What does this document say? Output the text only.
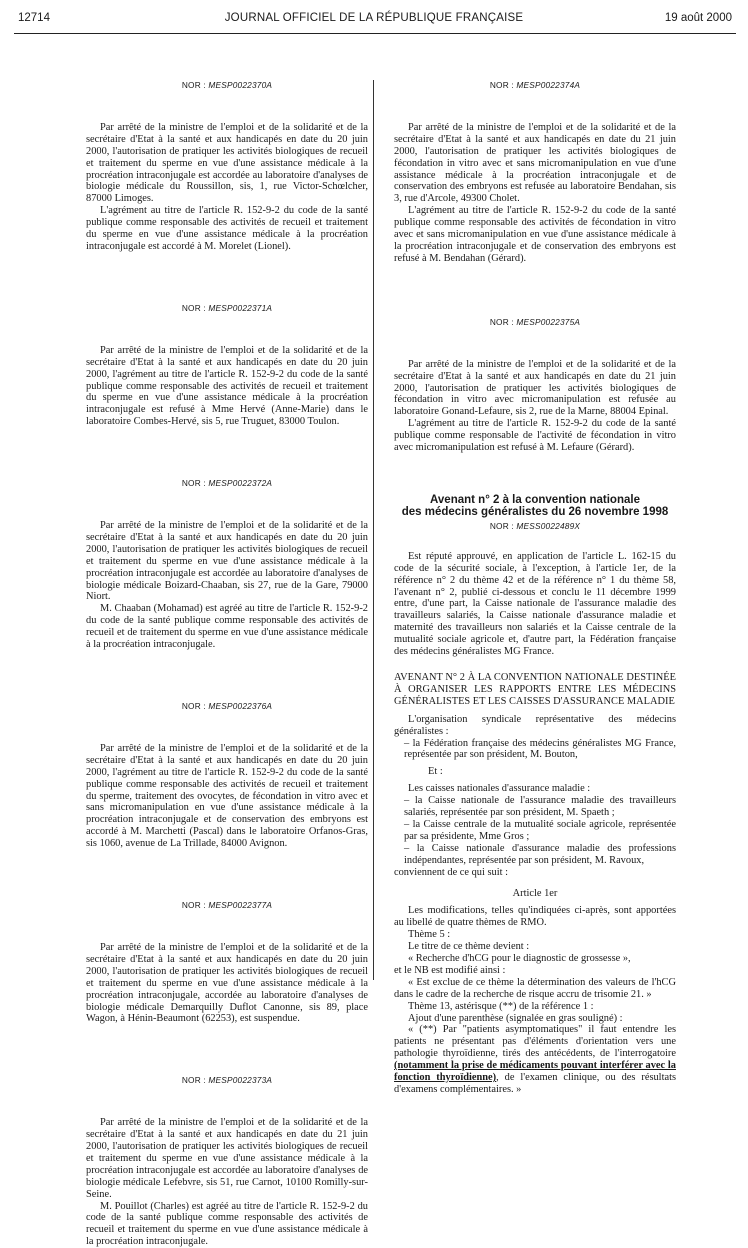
12714	JOURNAL OFFICIEL DE LA RÉPUBLIQUE FRANÇAISE	19 août 2000
NOR : MESP0022370A

Par arrêté de la ministre de l'emploi et de la solidarité et de la secrétaire d'Etat à la santé et aux handicapés en date du 20 juin 2000, l'autorisation de pratiquer les activités biologiques de recueil et traitement du sperme en vue d'une assistance médicale à la procréation intraconjugale est accordée au laboratoire d'analyses de biologie médicale du Roussillon, sis, 1, rue Victor-Schœlcher, 87000 Limoges.

L'agrément au titre de l'article R. 152-9-2 du code de la santé publique comme responsable des activités de recueil et traitement du sperme en vue d'une assistance médicale à la procréation intraconjugale est accordé à M. Morelet (Lionel).

NOR : MESP0022371A

Par arrêté de la ministre de l'emploi et de la solidarité et de la secrétaire d'Etat à la santé et aux handicapés en date du 20 juin 2000, l'agrément au titre de l'article R. 152-9-2 du code de la santé publique comme responsable des activités de recueil et traitement du sperme en vue d'une assistance médicale à la procréation intraconjugale est refusé à Mme Hervé (Anne-Marie) dans le laboratoire Combes-Hervé, sis 5, rue Truguet, 83000 Toulon.

NOR : MESP0022372A

Par arrêté de la ministre de l'emploi et de la solidarité et de la secrétaire d'Etat à la santé et aux handicapés en date du 20 juin 2000, l'autorisation de pratiquer les activités biologiques de recueil et traitement du sperme en vue d'une assistance médicale à la procréation intraconjugale est accordée au laboratoire d'analyses de biologie médicale Boizard-Chaaban, sis 27, rue de la Gare, 79000 Niort.

M. Chaaban (Mohamad) est agréé au titre de l'article R. 152-9-2 du code de la santé publique comme responsable des activités de recueil et de traitement du sperme en vue d'une assistance médicale à la procréation intraconjugale.

NOR : MESP0022376A

Par arrêté de la ministre de l'emploi et de la solidarité et de la secrétaire d'Etat à la santé et aux handicapés en date du 20 juin 2000, l'agrément au titre de l'article R. 152-9-2 du code de la santé publique comme responsable des activités de recueil et traitement du sperme, traitement des ovocytes, de fécondation in vitro avec et sans micromanipulation en vue d'une assistance médicale à la procréation intraconjugale et de conservation des embryons est accordé à M. Marchetti (Pascal) dans le laboratoire Orfanos-Gras, sis 1060, avenue de La Trillade, 84000 Avignon.

NOR : MESP0022377A

Par arrêté de la ministre de l'emploi et de la solidarité et de la secrétaire d'Etat à la santé et aux handicapés en date du 20 juin 2000, l'autorisation de pratiquer les activités biologiques de recueil et traitement du sperme en vue d'une assistance médicale à la procréation intraconjugale, accordée au laboratoire d'analyses de biologie médicale Demarquilly Duflot Canonne, sis 89, place Wagon, à Hénin-Beaumont (62253), est suspendue.

NOR : MESP0022373A

Par arrêté de la ministre de l'emploi et de la solidarité et de la secrétaire d'Etat à la santé et aux handicapés en date du 21 juin 2000, l'autorisation de pratiquer les activités biologiques de recueil et traitement du sperme en vue d'une assistance médicale à la procréation intraconjugale est accordée au laboratoire d'analyses de biologie médicale Lefebvre, sis 51, rue Carnot, 10100 Romilly-sur-Seine.

M. Pouillot (Charles) est agréé au titre de l'article R. 152-9-2 du code de la santé publique comme responsable des activités de recueil et traitement du sperme en vue d'une assistance médicale à la procréation intraconjugale.

NOR : MESP0022374A

Par arrêté de la ministre de l'emploi et de la solidarité et de la secrétaire d'Etat à la santé et aux handicapés en date du 21 juin 2000, l'autorisation de pratiquer les activités biologiques de fécondation in vitro avec et sans micromanipulation en vue d'une assistance médicale à la procréation intraconjugale et de conservation des embryons est refusée au laboratoire Bendahan, sis 3, rue d'Arcole, 49300 Cholet.

L'agrément au titre de l'article R. 152-9-2 du code de la santé publique comme responsable des activités de fécondation in vitro avec et sans micromanipulation en vue d'une assistance médicale à la procréation intraconjugale et de conservation des embryons est refusé à M. Bendahan (Gérard).

NOR : MESP0022375A

Par arrêté de la ministre de l'emploi et de la solidarité et de la secrétaire d'Etat à la santé et aux handicapés en date du 21 juin 2000, l'autorisation de pratiquer les activités biologiques de fécondation in vitro avec micromanipulation est refusée au laboratoire Gonand-Lefaure, sis 2, rue de la Marne, 88004 Epinal.

L'agrément au titre de l'article R. 152-9-2 du code de la santé publique comme responsable de l'activité de fécondation in vitro avec micromanipulation est refusé à M. Lefaure (Gérard).

Avenant n° 2 à la convention nationale
des médecins généralistes du 26 novembre 1998
NOR : MESS0022489X

Est réputé approuvé, en application de l'article L. 162-15 du code de la sécurité sociale, à l'exception, à l'article 1er, de la référence n° 2 du thème 42 et de la référence n° 1 du thème 58, l'avenant n° 2, publié ci-dessous et conclu le 11 décembre 1999 entre, d'une part, la Caisse nationale de l'assurance maladie des travailleurs salariés, la Caisse nationale d'assurance maladie et maternité des travailleurs non salariés et la Caisse centrale de la mutualité sociale agricole et, d'autre part, la Fédération française des médecins généralistes MG France.

AVENANT N° 2 À LA CONVENTION NATIONALE DESTINÉE À ORGANISER LES RAPPORTS ENTRE LES MÉDECINS GÉNÉRALISTES ET LES CAISSES D'ASSURANCE MALADIE

L'organisation syndicale représentative des médecins généralistes :

– la Fédération française des médecins généralistes MG France, représentée par son président, M. Bouton,

Et :

Les caisses nationales d'assurance maladie :

– la Caisse nationale de l'assurance maladie des travailleurs salariés, représentée par son président, M. Spaeth ;

– la Caisse centrale de la mutualité sociale agricole, représentée par sa présidente, Mme Gros ;

– la Caisse nationale d'assurance maladie des professions indépendantes, représentée par son président, M. Ravoux,

conviennent de ce qui suit :

Article 1er

Les modifications, telles qu'indiquées ci-après, sont apportées au libellé de quatre thèmes de RMO.

Thème 5 :

Le titre de ce thème devient :

« Recherche d'hCG pour le diagnostic de grossesse »,

et le NB est modifié ainsi :

« Est exclue de ce thème la détermination des valeurs de l'hCG dans le cadre de la recherche de risque accru de trisomie 21. »

Thème 13, astérisque (**) de la référence 1 :

Ajout d'une parenthèse (signalée en gras souligné) :

« (**) Par "patients asymptomatiques" il faut entendre les patients ne présentant pas d'éléments d'orientation vers une pathologie thyroïdienne, tirés des antécédents, de l'interrogatoire (notamment la prise de médicaments pouvant interférer avec la fonction thyroïdienne), de l'examen clinique, ou des résultats d'examens complémentaires. »
